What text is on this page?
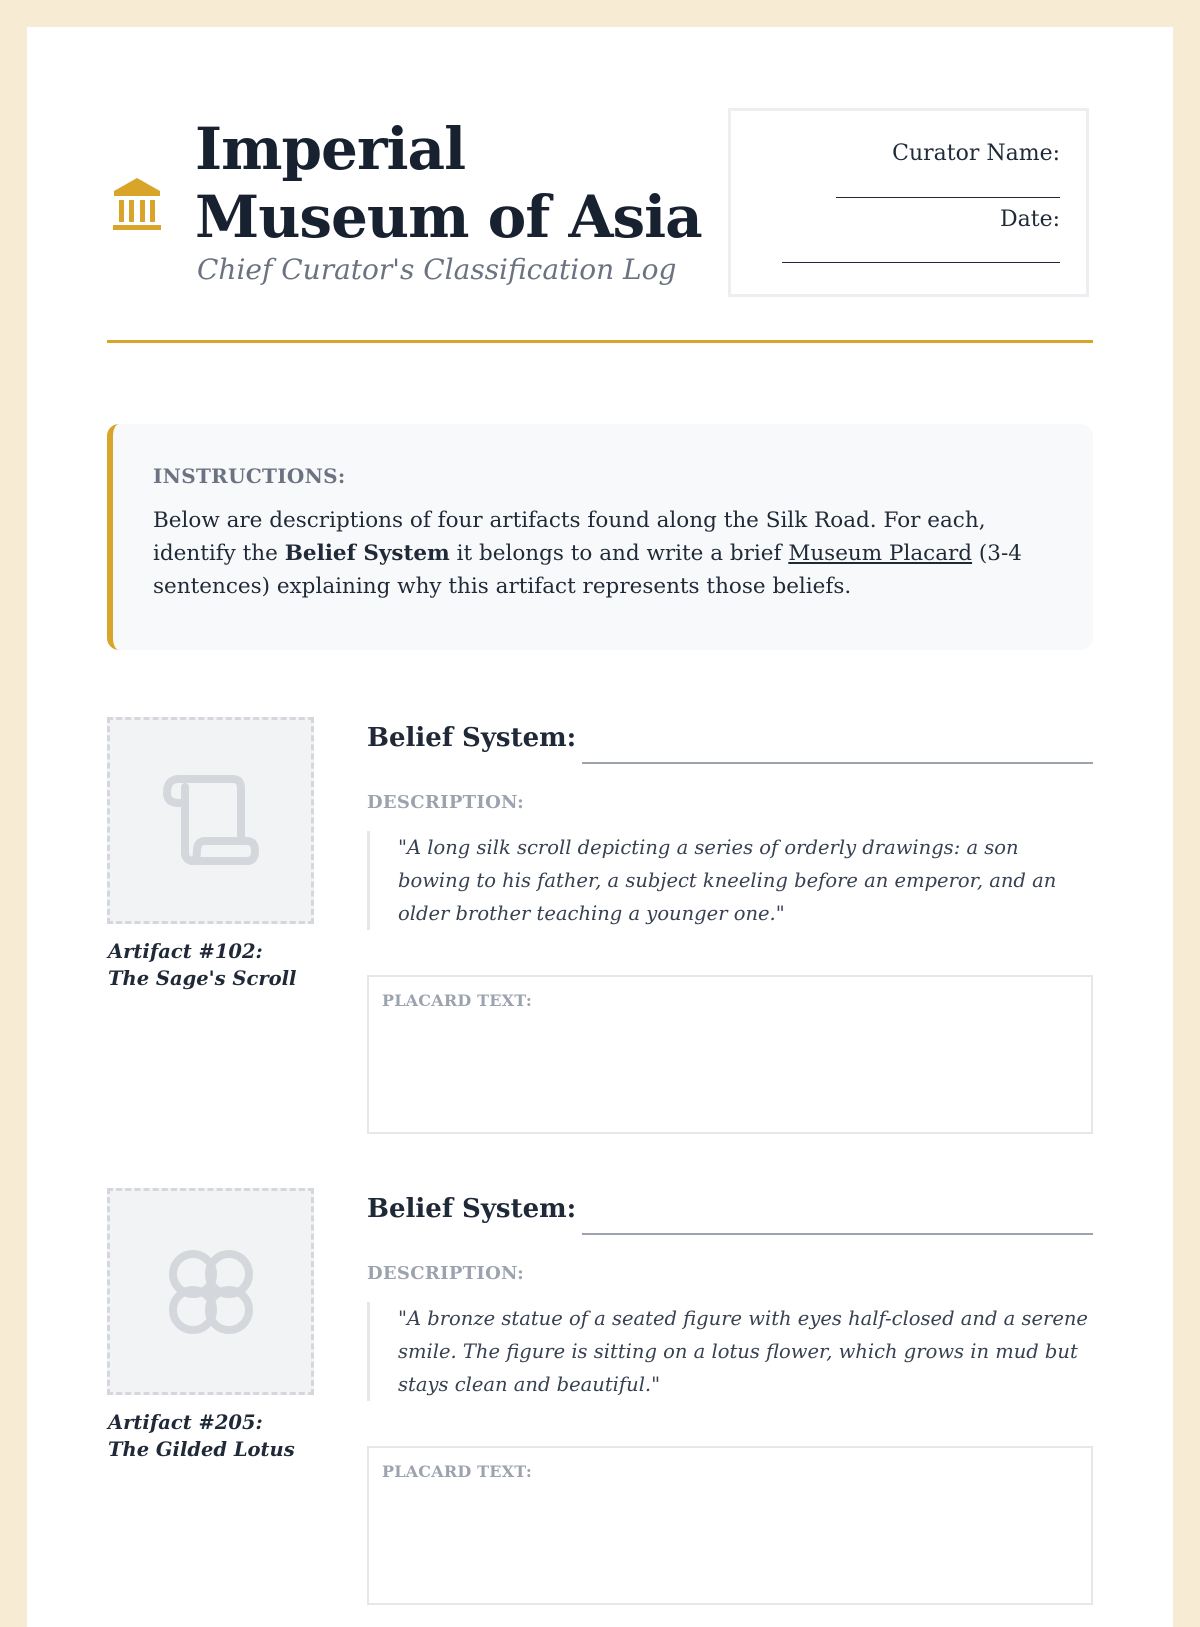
Imperial Museum of Asia

Chief Curator's Classification Log

Curator Name:
Date:
INSTRUCTIONS:
Below are descriptions of four artifacts found along the Silk Road. For each, identify the Belief System it belongs to and write a brief Museum Placard (3-4 sentences) explaining why this artifact represents those beliefs.

Artifact #102: The Sage's Scroll

Belief System:
DESCRIPTION:
"A long silk scroll depicting a series of orderly drawings: a son bowing to his father, a subject kneeling before an emperor, and an older brother teaching a younger one."
PLACARD TEXT:

Artifact #205: The Gilded Lotus

Belief System:
DESCRIPTION:
"A bronze statue of a seated figure with eyes half-closed and a serene smile. The figure is sitting on a lotus flower, which grows in mud but stays clean and beautiful."
PLACARD TEXT:
